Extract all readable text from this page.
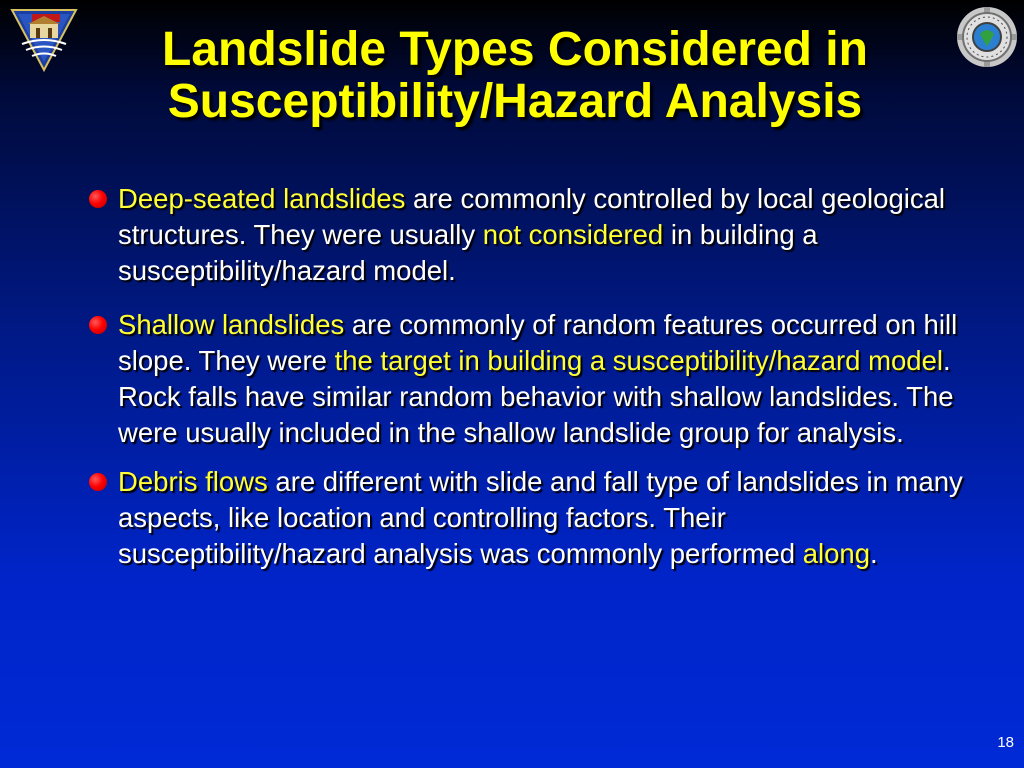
Landslide Types Considered in
Susceptibility/Hazard Analysis
Deep-seated landslides are commonly controlled by local geological structures. They were usually not considered in building a susceptibility/hazard model.
Shallow landslides are commonly of random features occurred on hill slope. They were the target in building a susceptibility/hazard model. Rock falls have similar random behavior with shallow landslides. The were usually included in the shallow landslide group for analysis.
Debris flows are different with slide and fall type of landslides in many aspects, like location and controlling factors. Their susceptibility/hazard analysis was commonly performed along.
18
